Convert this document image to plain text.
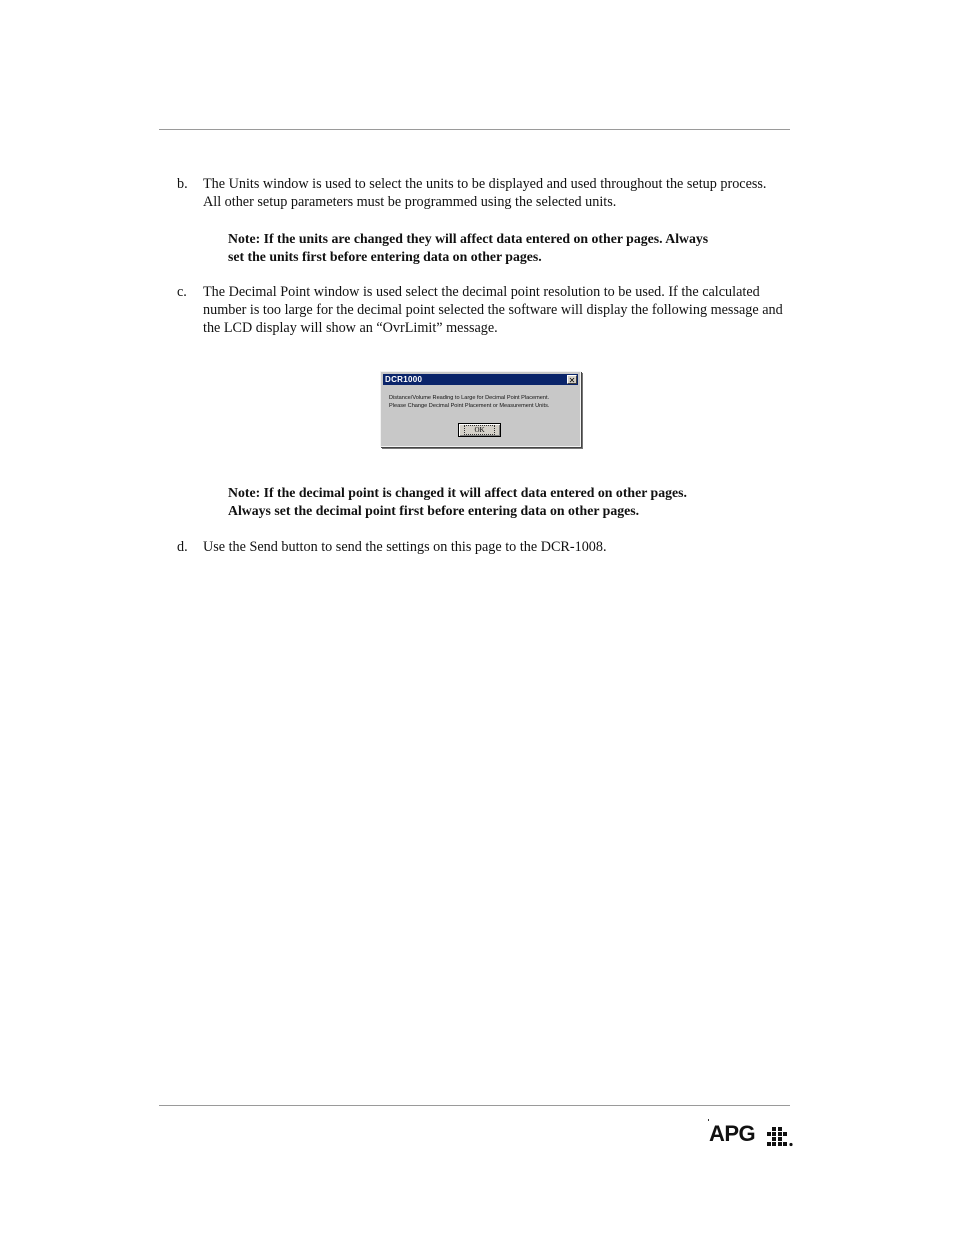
b.	The Units window is used to select the units to be displayed and used throughout the setup process.
All other setup parameters must be programmed using the selected units.
Note: If the units are changed they will affect data entered on other pages. Always
set the units first before entering data on other pages.
c.	The Decimal Point window is used select the decimal point resolution to be used. If the calculated
number is too large for the decimal point selected the software will display the following message and
the LCD display will show an “OvrLimit” message.
DCR1000	✕
Distance/Volume Reading to Large for Decimal Point Placement.
Please Change Decimal Point Placement or Measurement Units.
OK
Note: If the decimal point is changed it will affect data entered on other pages.
Always set the decimal point first before entering data on other pages.
d.	Use the Send button to send the settings on this page to the DCR-1008.
APG
